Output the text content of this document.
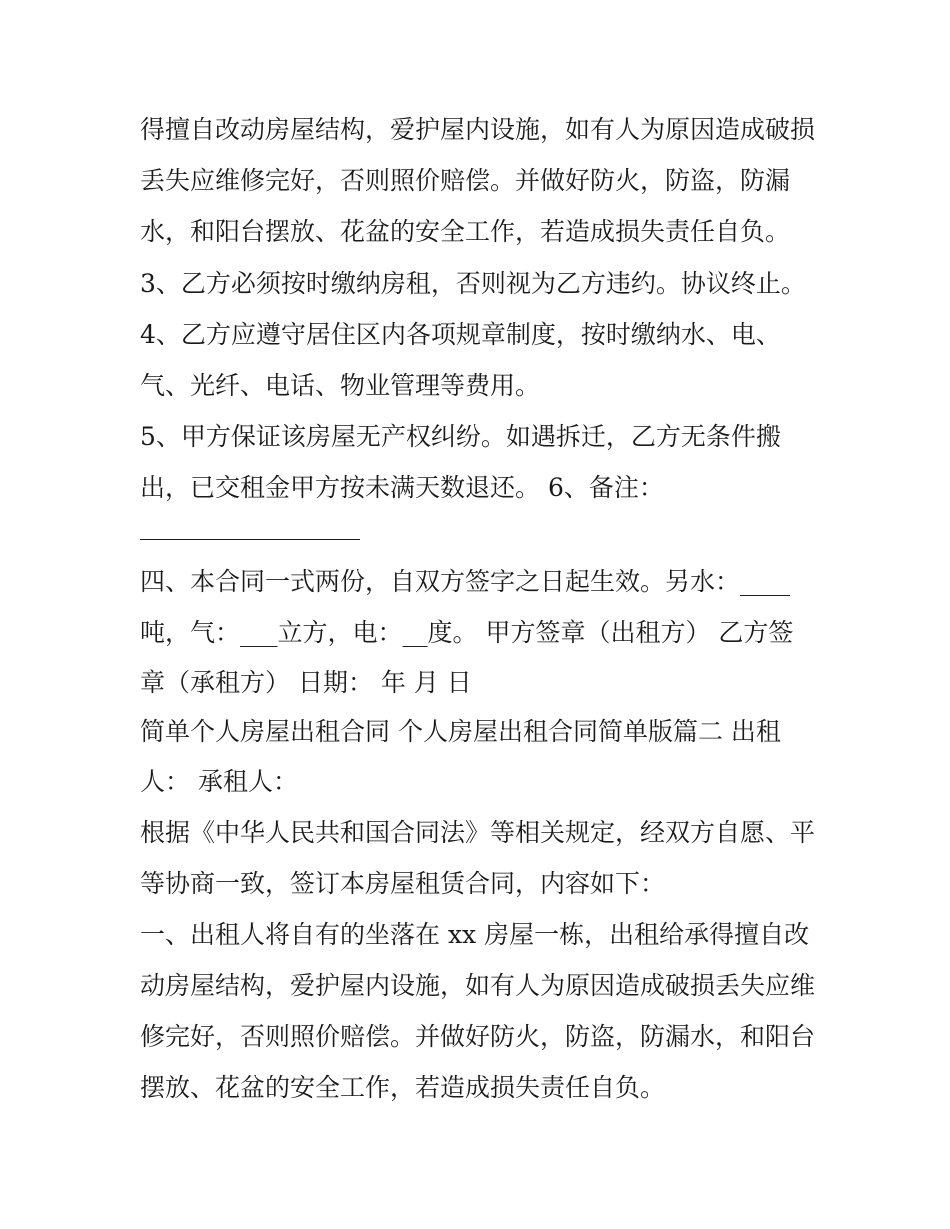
得擅自改动房屋结构，爱护屋内设施，如有人为原因造成破损
丢失应维修完好，否则照价赔偿。并做好防火，防盗，防漏
水，和阳台摆放、花盆的安全工作，若造成损失责任自负。
3、乙方必须按时缴纳房租，否则视为乙方违约。协议终止。
4、乙方应遵守居住区内各项规章制度，按时缴纳水、电、
气、光纤、电话、物业管理等费用。
5、甲方保证该房屋无产权纠纷。如遇拆迁，乙方无条件搬
出，已交租金甲方按未满天数退还。 6、备注：
四、本合同一式两份，自双方签字之日起生效。另水：____
吨，气：___立方，电：__度。 甲方签章（出租方） 乙方签
章（承租方） 日期： 年 月 日
简单个人房屋出租合同 个人房屋出租合同简单版篇二 出租
人： 承租人：
根据《中华人民共和国合同法》等相关规定，经双方自愿、平
等协商一致，签订本房屋租赁合同，内容如下：
一、出租人将自有的坐落在 xx 房屋一栋，出租给承得擅自改
动房屋结构，爱护屋内设施，如有人为原因造成破损丢失应维
修完好，否则照价赔偿。并做好防火，防盗，防漏水，和阳台
摆放、花盆的安全工作，若造成损失责任自负。
